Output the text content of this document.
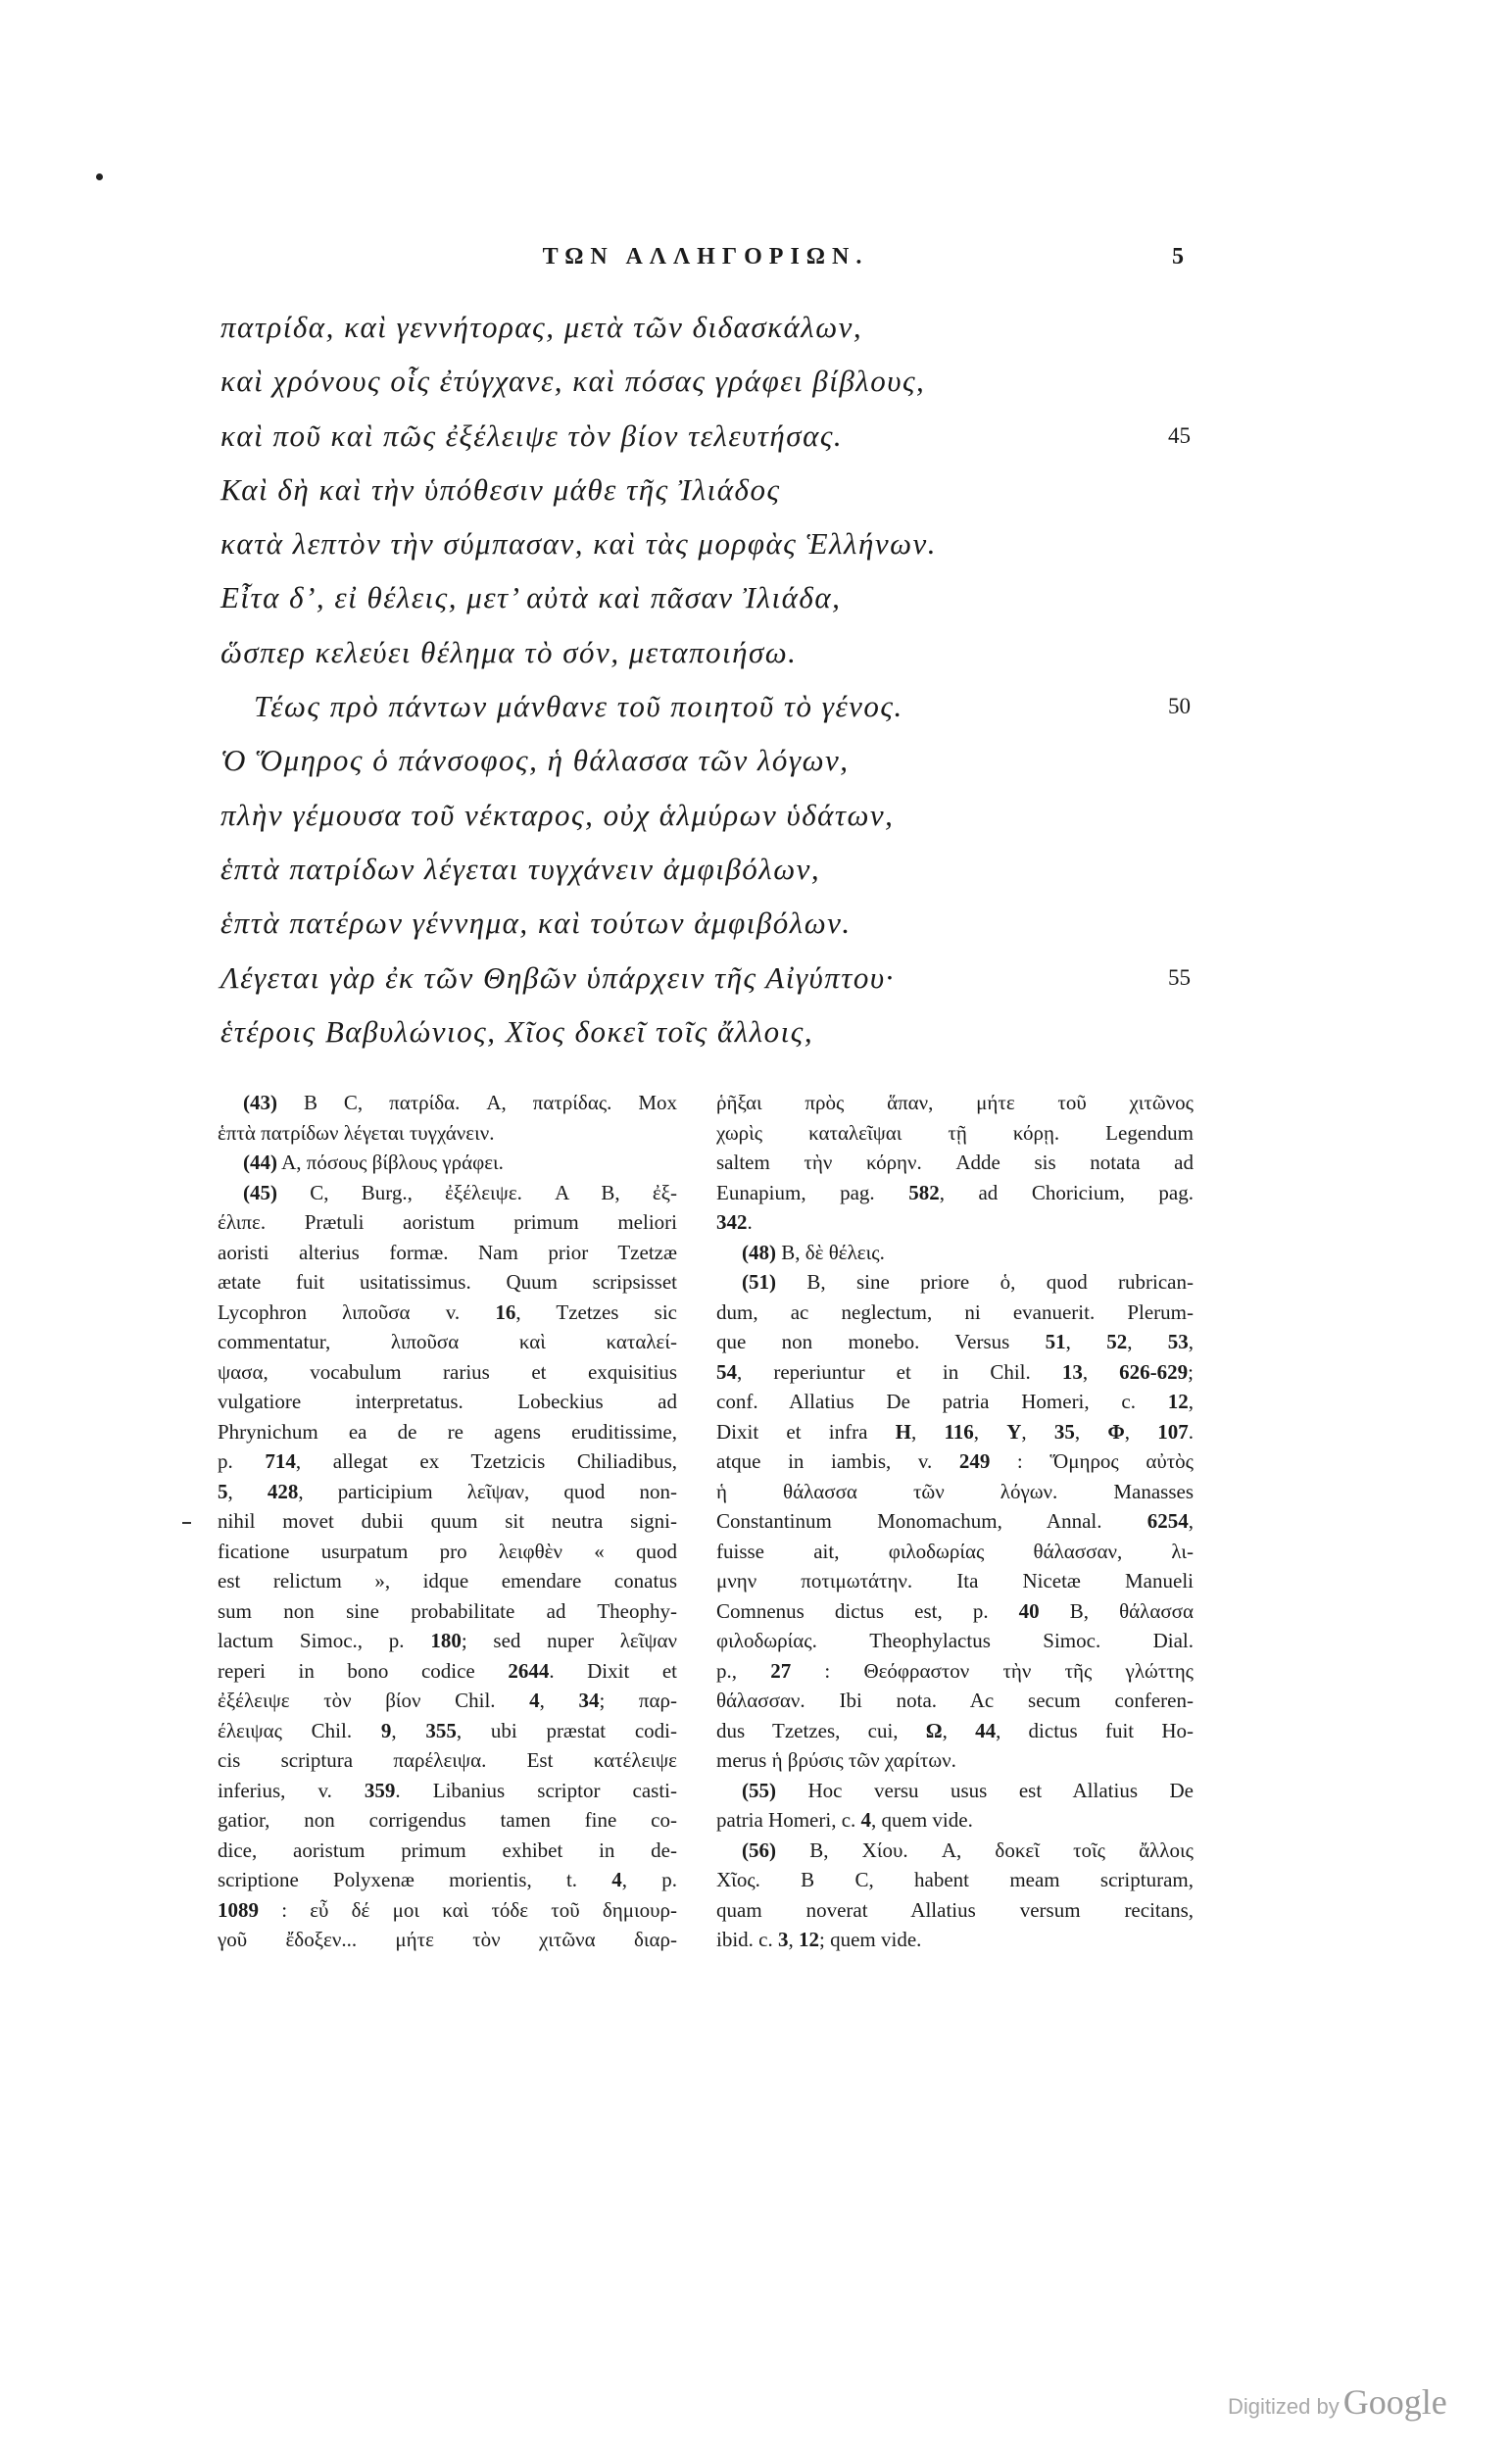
ΤΩΝ ΑΛΛΗΓΟΡΙΩΝ.	5
πατρίδα, καὶ γεννήτορας, μετὰ τῶν διδασκάλων,
καὶ χρόνους οἷς ἐτύγχανε, καὶ πόσας γράφει βίβλους,
καὶ ποῦ καὶ πῶς ἐξέλειψε τὸν βίον τελευτήσας.	45
Καὶ δὴ καὶ τὴν ὑπόθεσιν μάθε τῆς Ἰλιάδος
κατὰ λεπτὸν τὴν σύμπασαν, καὶ τὰς μορφὰς Ἑλλήνων.
Εἶτα δ’, εἰ θέλεις, μετ’ αὐτὰ καὶ πᾶσαν Ἰλιάδα,
ὥσπερ κελεύει θέλημα τὸ σόν, μεταποιήσω.
Τέως πρὸ πάντων μάνθανε τοῦ ποιητοῦ τὸ γένος.	50
Ὁ Ὅμηρος ὁ πάνσοφος, ἡ θάλασσα τῶν λόγων,
πλὴν γέμουσα τοῦ νέκταρος, οὐχ ἁλμύρων ὑδάτων,
ἑπτὰ πατρίδων λέγεται τυγχάνειν ἀμφιβόλων,
ἑπτὰ πατέρων γέννημα, καὶ τούτων ἀμφιβόλων.
Λέγεται γὰρ ἐκ τῶν Θηβῶν ὑπάρχειν τῆς Αἰγύπτου·	55
ἑτέροις Βαβυλώνιος, Χῖος δοκεῖ τοῖς ἄλλοις,
(43) B C, πατρίδα. A, πατρίδας. Mox
ἑπτὰ πατρίδων λέγεται τυγχάνειν.
(44) A, πόσους βίβλους γράφει.
(45) C, Burg., ἐξέλειψε. A B, ἐξ-
έλιπε. Prætuli aoristum primum meliori
aoristi alterius formæ. Nam prior Tzetzæ
ætate fuit usitatissimus. Quum scripsisset
Lycophron λιποῦσα v. 16, Tzetzes sic
commentatur, λιποῦσα καὶ καταλεί-
ψασα, vocabulum rarius et exquisitius
vulgatiore interpretatus. Lobeckius ad
Phrynichum ea de re agens eruditissime,
p. 714, allegat ex Tzetzicis Chiliadibus,
5, 428, participium λεῖψαν, quod non-
nihil movet dubii quum sit neutra signi-
ficatione usurpatum pro λειφθὲν « quod
est relictum », idque emendare conatus
sum non sine probabilitate ad Theophy-
lactum Simoc., p. 180; sed nuper λεῖψαν
reperi in bono codice 2644. Dixit et
ἐξέλειψε τὸν βίον Chil. 4, 34; παρ-
έλειψας Chil. 9, 355, ubi præstat codi-
cis scriptura παρέλειψα. Est κατέλειψε
inferius, v. 359. Libanius scriptor casti-
gatior, non corrigendus tamen fine co-
dice, aoristum primum exhibet in de-
scriptione Polyxenæ morientis, t. 4, p.
1089 : εὖ δέ μοι καὶ τόδε τοῦ δημιουρ-
γοῦ ἔδοξεν... μήτε τὸν χιτῶνα διαρ-
ῥῆξαι πρὸς ἅπαν, μήτε τοῦ χιτῶνος
χωρὶς καταλεῖψαι τῇ κόρῃ. Legendum
saltem τὴν κόρην. Adde sis notata ad
Eunapium, pag. 582, ad Choricium, pag.
342.
(48) B, δὲ θέλεις.
(51) B, sine priore ὁ, quod rubrican-
dum, ac neglectum, ni evanuerit. Plerum-
que non monebo. Versus 51, 52, 53,
54, reperiuntur et in Chil. 13, 626-629;
conf. Allatius De patria Homeri, c. 12,
Dixit et infra Η, 116, Υ, 35, Φ, 107.
atque in iambis, v. 249 : Ὅμηρος αὐτὸς
ἡ θάλασσα τῶν λόγων. Manasses
Constantinum Monomachum, Annal. 6254,
fuisse ait, φιλοδωρίας θάλασσαν, λι-
μνην ποτιμωτάτην. Ita Nicetæ Manueli
Comnenus dictus est, p. 40 B, θάλασσα
φιλοδωρίας. Theophylactus Simoc. Dial.
p., 27 : Θεόφραστον τὴν τῆς γλώττης
θάλασσαν. Ibi nota. Ac secum conferen-
dus Tzetzes, cui, Ω, 44, dictus fuit Ho-
merus ἡ βρύσις τῶν χαρίτων.
(55) Hoc versu usus est Allatius De
patria Homeri, c. 4, quem vide.
(56) B, Χίου. A, δοκεῖ τοῖς ἄλλοις
Χῖος. B C, habent meam scripturam,
quam noverat Allatius versum recitans,
ibid. c. 3, 12; quem vide.
Digitized by Google
